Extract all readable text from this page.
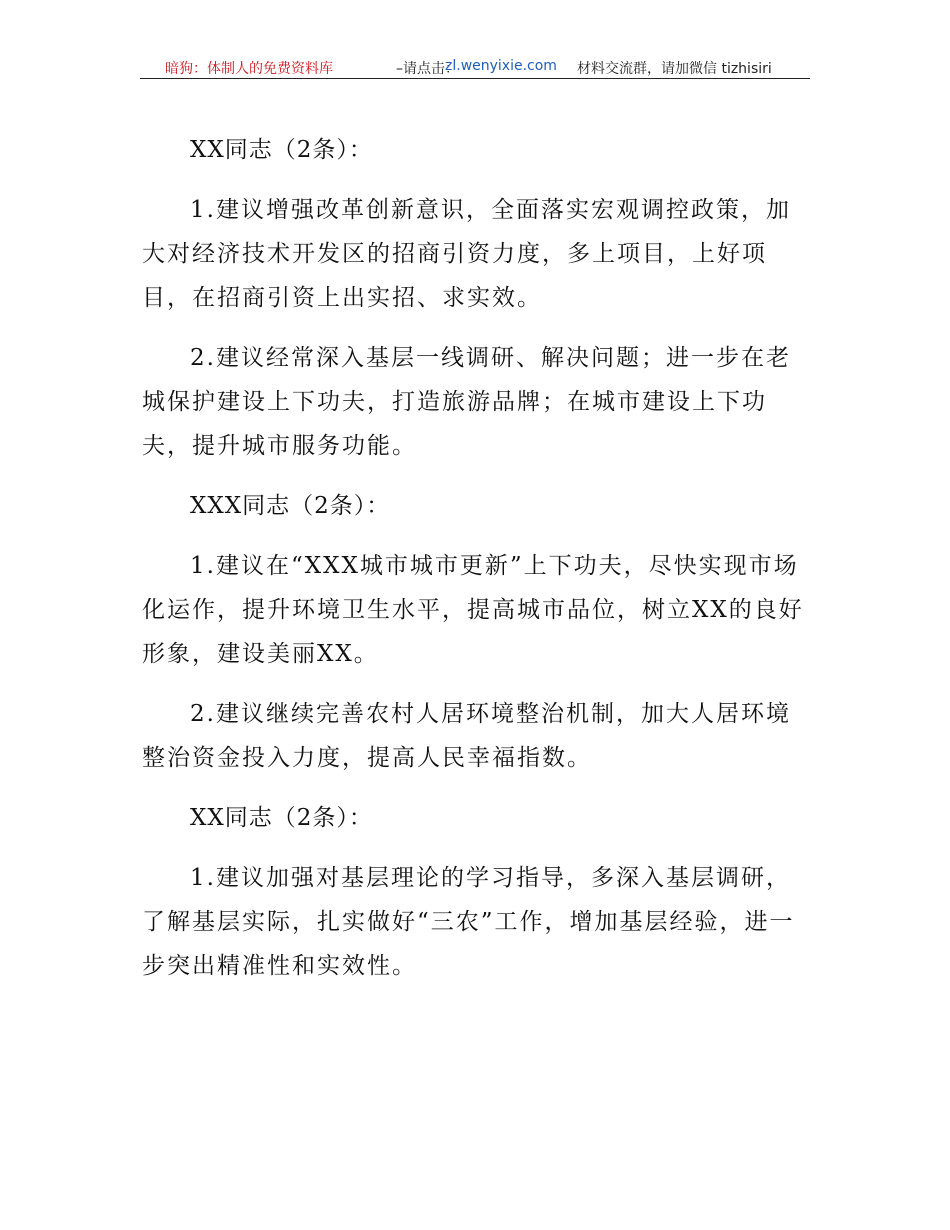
暗狗：体制人的免费资料库	–请点击：
zl.wenyixie.com 材料交流群，请加微信 tizhisiri

XX同志（2条）：

1.建议增强改革创新意识，全面落实宏观调控政策，加大对经济技术开发区的招商引资力度，多上项目，上好项目，在招商引资上出实招、求实效。

2.建议经常深入基层一线调研、解决问题；进一步在老城保护建设上下功夫，打造旅游品牌；在城市建设上下功夫，提升城市服务功能。

XXX同志（2条）：

1.建议在“XXX城市城市更新”上下功夫，尽快实现市场化运作，提升环境卫生水平，提高城市品位，树立XX的良好形象，建设美丽XX。

2.建议继续完善农村人居环境整治机制，加大人居环境整治资金投入力度，提高人民幸福指数。

XX同志（2条）：

1.建议加强对基层理论的学习指导，多深入基层调研，了解基层实际，扎实做好“三农”工作，增加基层经验，进一步突出精准性和实效性。
